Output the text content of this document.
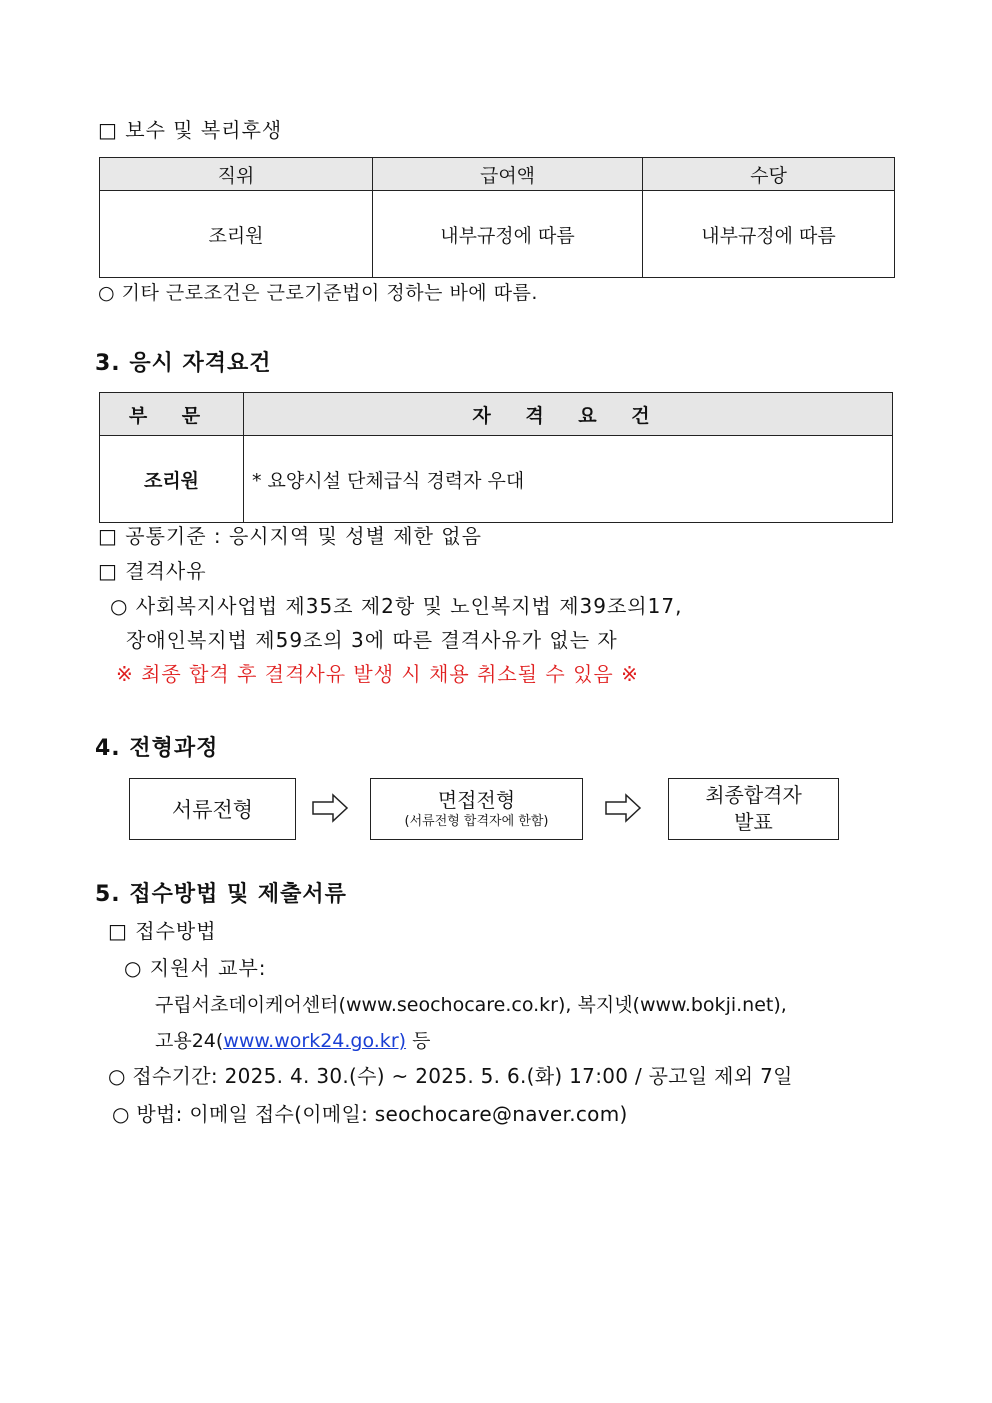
□ 보수 및 복리후생
직위	급여액	수당
조리원	내부규정에 따름	내부규정에 따름
○ 기타 근로조건은 근로기준법이 정하는 바에 따름.
3. 응시 자격요건
부 문	자 격 요 건
조리원	* 요양시설 단체급식 경력자 우대
□ 공통기준 : 응시지역 및 성별 제한 없음
□ 결격사유
○ 사회복지사업법 제35조 제2항 및 노인복지법 제39조의17,
장애인복지법 제59조의 3에 따른 결격사유가 없는 자
※ 최종 합격 후 결격사유 발생 시 채용 취소될 수 있음 ※
4. 전형과정
서류전형	면접전형
(서류전형 합격자에 한함)
최종합격자
발표
5. 접수방법 및 제출서류
□ 접수방법
○ 지원서 교부:
구립서초데이케어센터(www.seochocare.co.kr), 복지넷(www.bokji.net),
고용24(www.work24.go.kr) 등
○ 접수기간: 2025. 4. 30.(수) ~ 2025. 5. 6.(화) 17:00 / 공고일 제외 7일
○ 방법: 이메일 접수(이메일: seochocare@naver.com)
